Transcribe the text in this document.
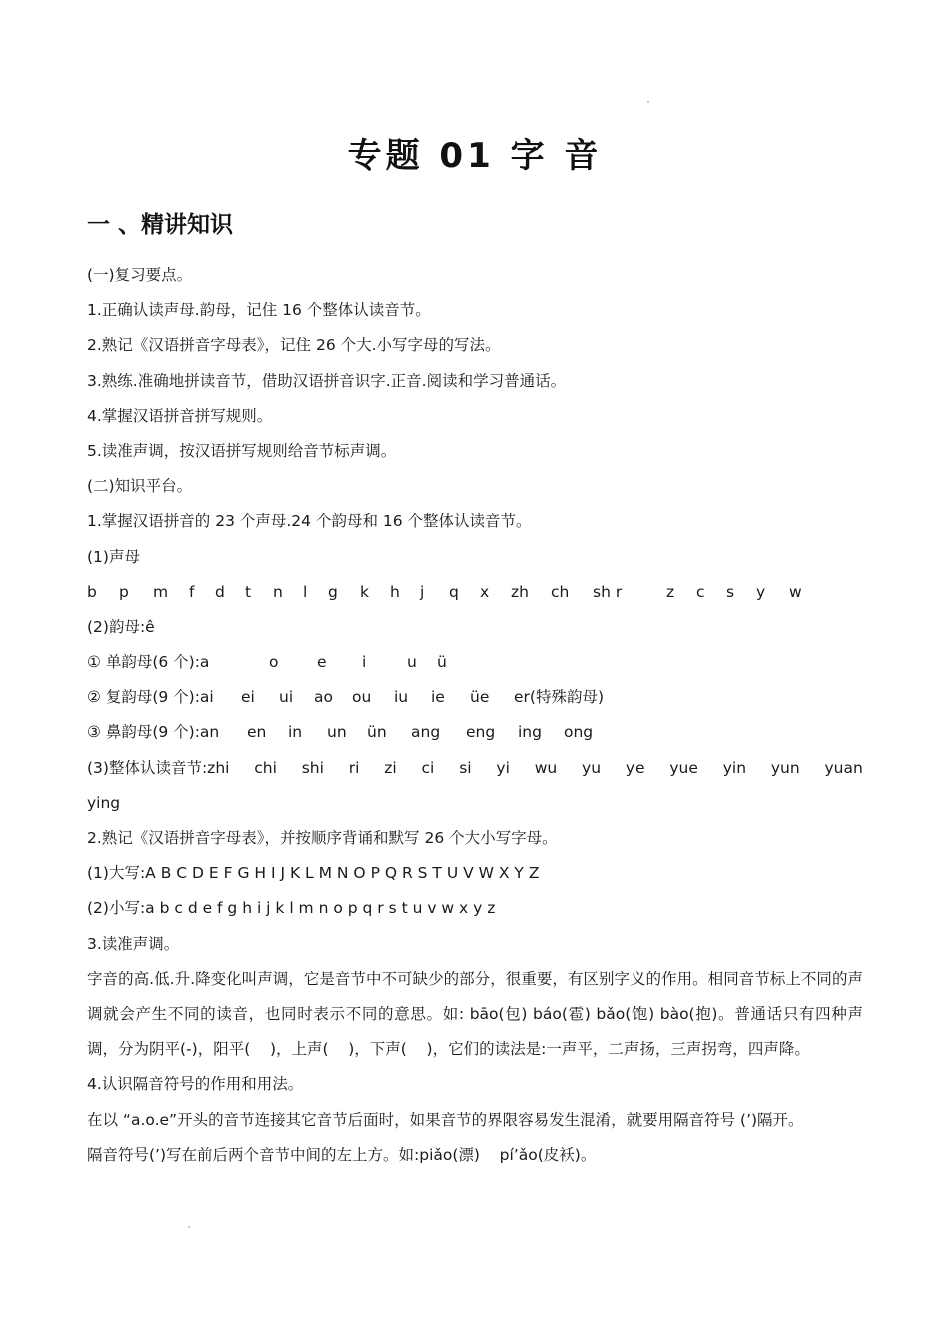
专题 01 字 音
一 、精讲知识
(一)复习要点。
1.正确认读声母.韵母，记住 16 个整体认读音节。
2.熟记《汉语拼音字母表》，记住 26 个大.小写字母的写法。
3.熟练.准确地拼读音节，借助汉语拼音识字.正音.阅读和学习普通话。
4.掌握汉语拼音拼写规则。
5.读准声调，按汉语拼写规则给音节标声调。
(二)知识平台。
1.掌握汉语拼音的 23 个声母.24 个韵母和 16 个整体认读音节。
(1)声母
b	p	m	f	d	t	n	l	g	k	h	j	q	x	zh	ch	sh r	z	c	s	y	w
(2)韵母:ê
① 单韵母(6 个):a	o	e	i	u	ü
② 复韵母(9 个):ai	ei	ui	ao	ou	iu	ie	üe	er(特殊韵母)
③ 鼻韵母(9 个):an	en	in	un	ün	ang	eng	ing	ong
(3)整体认读音节:zhi chi shi ri zi ci si yi wu yu ye yue yin yun yuan
ying
2.熟记《汉语拼音字母表》，并按顺序背诵和默写 26 个大小写字母。
(1)大写:A B C D E F G H I J K L M N O P Q R S T U V W X Y Z
(2)小写:a b c d e f g h i j k l m n o p q r s t u v w x y z
3.读准声调。
字音的高.低.升.降变化叫声调，它是音节中不可缺少的部分，很重要，有区别字义的作用。相同音节标上不同的声调就会产生不同的读音，也同时表示不同的意思。如: bāo(包) báo(雹) bǎo(饱) bào(抱)。普通话只有四种声调，分为阴平(-)，阳平(    )，上声(    )，下声(    )，它们的读法是:一声平，二声扬，三声拐弯，四声降。
4.认识隔音符号的作用和用法。
在以 “a.o.e”开头的音节连接其它音节后面时，如果音节的界限容易发生混淆，就要用隔音符号 (’)隔开。
隔音符号(’)写在前后两个音节中间的左上方。如:piǎo(漂)    pí’ǎo(皮袄)。
